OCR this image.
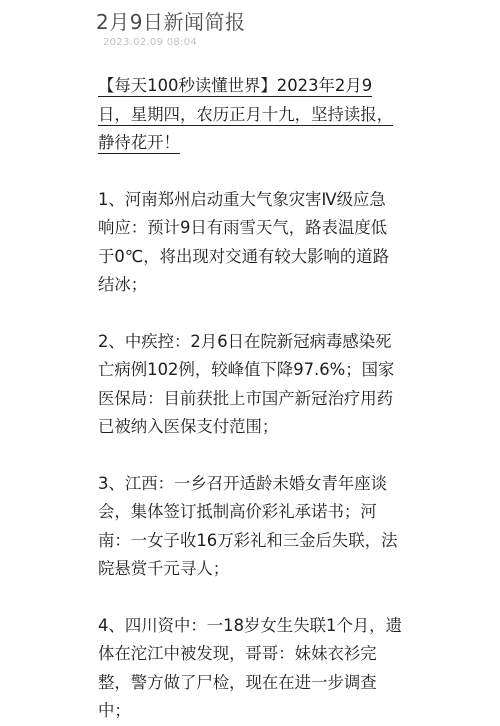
2月9日新闻简报
2023.02.09 08:04
【每天100秒读懂世界】2023年2月9
日，星期四，农历正月十九，坚持读报，
静待花开！
1、河南郑州启动重大气象灾害Ⅳ级应急
响应：预计9日有雨雪天气，路表温度低
于0℃，将出现对交通有较大影响的道路
结冰；
2、中疾控：2月6日在院新冠病毒感染死
亡病例102例，较峰值下降97.6%；国家
医保局：目前获批上市国产新冠治疗用药
已被纳入医保支付范围；
3、江西：一乡召开适龄未婚女青年座谈
会，集体签订抵制高价彩礼承诺书；河
南：一女子收16万彩礼和三金后失联，法
院悬赏千元寻人；
4、四川资中：一18岁女生失联1个月，遗
体在沱江中被发现，哥哥：妹妹衣衫完
整，警方做了尸检，现在在进一步调查
中；
